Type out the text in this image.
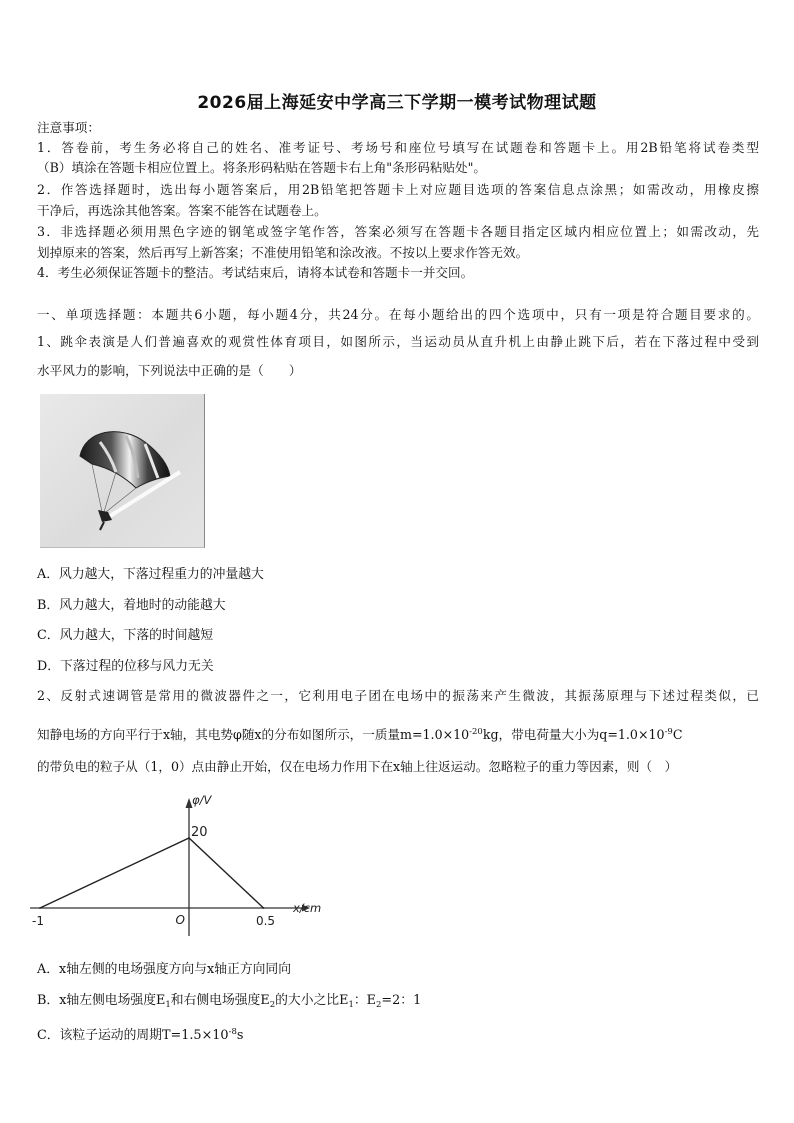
2026届上海延安中学高三下学期一模考试物理试题
注意事项：
1．答卷前，考生务必将自己的姓名、准考证号、考场号和座位号填写在试题卷和答题卡上。用2B铅笔将试卷类型
（B）填涂在答题卡相应位置上。将条形码粘贴在答题卡右上角"条形码粘贴处"。
2．作答选择题时，选出每小题答案后，用2B铅笔把答题卡上对应题目选项的答案信息点涂黑；如需改动，用橡皮擦
干净后，再选涂其他答案。答案不能答在试题卷上。
3．非选择题必须用黑色字迹的钢笔或签字笔作答，答案必须写在答题卡各题目指定区域内相应位置上；如需改动，先
划掉原来的答案，然后再写上新答案；不准使用铅笔和涂改液。不按以上要求作答无效。
4．考生必须保证答题卡的整洁。考试结束后，请将本试卷和答题卡一并交回。
一、单项选择题：本题共6小题，每小题4分，共24分。在每小题给出的四个选项中，只有一项是符合题目要求的。
1、跳伞表演是人们普遍喜欢的观赏性体育项目，如图所示，当运动员从直升机上由静止跳下后，若在下落过程中受到
水平风力的影响，下列说法中正确的是（　　）
A．风力越大，下落过程重力的冲量越大
B．风力越大，着地时的动能越大
C．风力越大，下落的时间越短
D．下落过程的位移与风力无关
2、反射式速调管是常用的微波器件之一，它利用电子团在电场中的振荡来产生微波，其振荡原理与下述过程类似，已
知静电场的方向平行于x轴，其电势φ随x的分布如图所示，一质量$m=1.0\times 10^{-20}kg$，带电荷量大小为$q=1.0\times 10^{-9}C$
的带负电的粒子从（1，0）点由静止开始，仅在电场力作用下在x轴上往返运动。忽略粒子的重力等因素，则（　）
φ/V
x/cm
20
O
-1	0.5
A．x轴左侧的电场强度方向与x轴正方向同向
B．x轴左侧电场强度$E_1$和右侧电场强度$E_2$的大小之比$E_1$：$E_2=2$：1
C．该粒子运动的周期$T=1.5\times 10^{-8}s$
